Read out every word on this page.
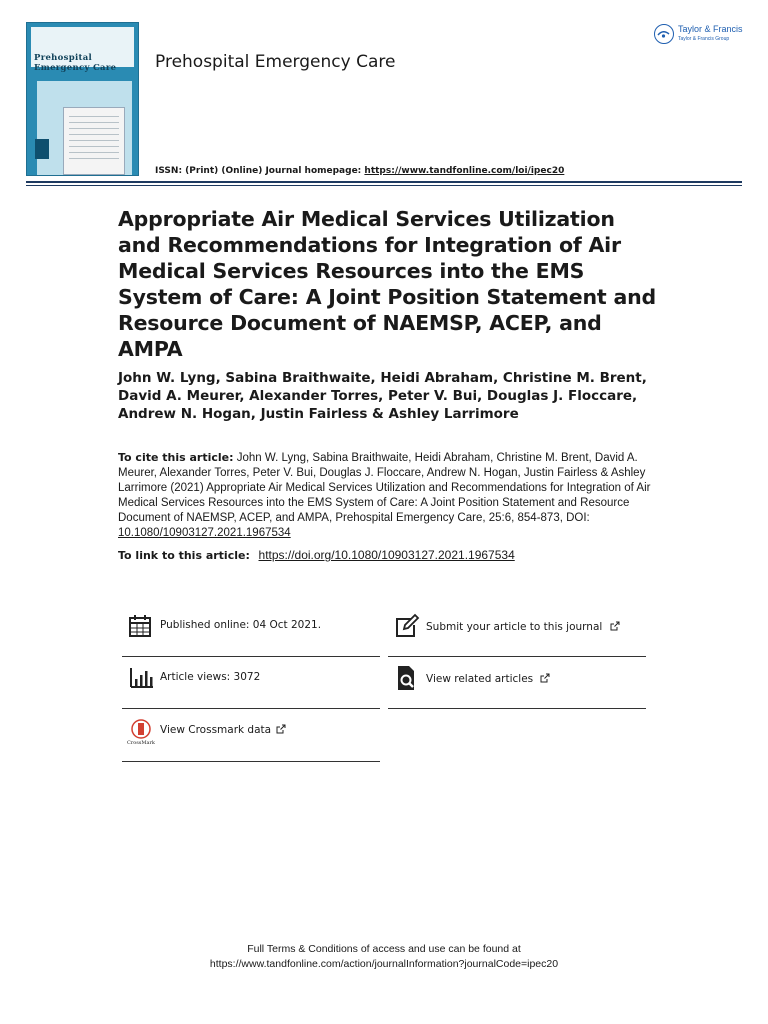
Prehospital
Emergency Care Prehospital Emergency Care
Taylor & Francis
Taylor & Francis Group
ISSN: (Print) (Online) Journal homepage: https://www.tandfonline.com/loi/ipec20
Appropriate Air Medical Services Utilization and Recommendations for Integration of Air Medical Services Resources into the EMS System of Care: A Joint Position Statement and Resource Document of NAEMSP, ACEP, and AMPA
John W. Lyng, Sabina Braithwaite, Heidi Abraham, Christine M. Brent, David A. Meurer, Alexander Torres, Peter V. Bui, Douglas J. Floccare, Andrew N. Hogan, Justin Fairless & Ashley Larrimore
To cite this article: John W. Lyng, Sabina Braithwaite, Heidi Abraham, Christine M. Brent, David A. Meurer, Alexander Torres, Peter V. Bui, Douglas J. Floccare, Andrew N. Hogan, Justin Fairless & Ashley Larrimore (2021) Appropriate Air Medical Services Utilization and Recommendations for Integration of Air Medical Services Resources into the EMS System of Care: A Joint Position Statement and Resource Document of NAEMSP, ACEP, and AMPA, Prehospital Emergency Care, 25:6, 854-873, DOI: 10.1080/10903127.2021.1967534
To link to this article: https://doi.org/10.1080/10903127.2021.1967534
Published online: 04 Oct 2021.	Submit your article to this journal
Article views: 3072	View related articles
CrossMark
View Crossmark data
Full Terms & Conditions of access and use can be found at
https://www.tandfonline.com/action/journalInformation?journalCode=ipec20
